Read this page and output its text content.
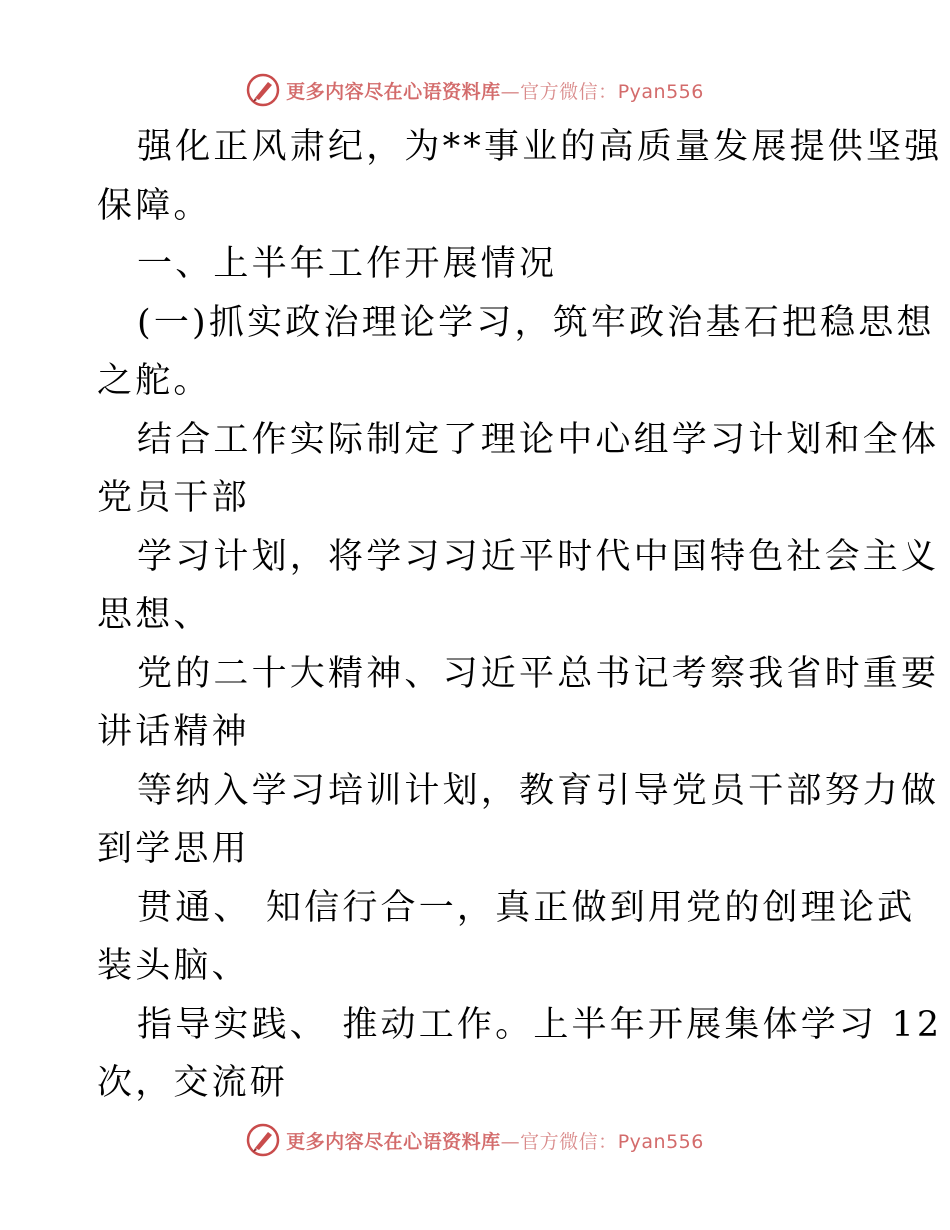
更多内容尽在心语资料库—官方微信：Pyan556
强化正风肃纪，为**事业的高质量发展提供坚强
保障。
一、上半年工作开展情况
(一)抓实政治理论学习，筑牢政治基石把稳思想
之舵。
结合工作实际制定了理论中心组学习计划和全体
党员干部
学习计划，将学习习近平时代中国特色社会主义
思想、
党的二十大精神、习近平总书记考察我省时重要
讲话精神
等纳入学习培训计划，教育引导党员干部努力做
到学思用
贯通、 知信行合一，真正做到用党的创理论武
装头脑、
指导实践、 推动工作。上半年开展集体学习 12
次，交流研
更多内容尽在心语资料库—官方微信：Pyan556
